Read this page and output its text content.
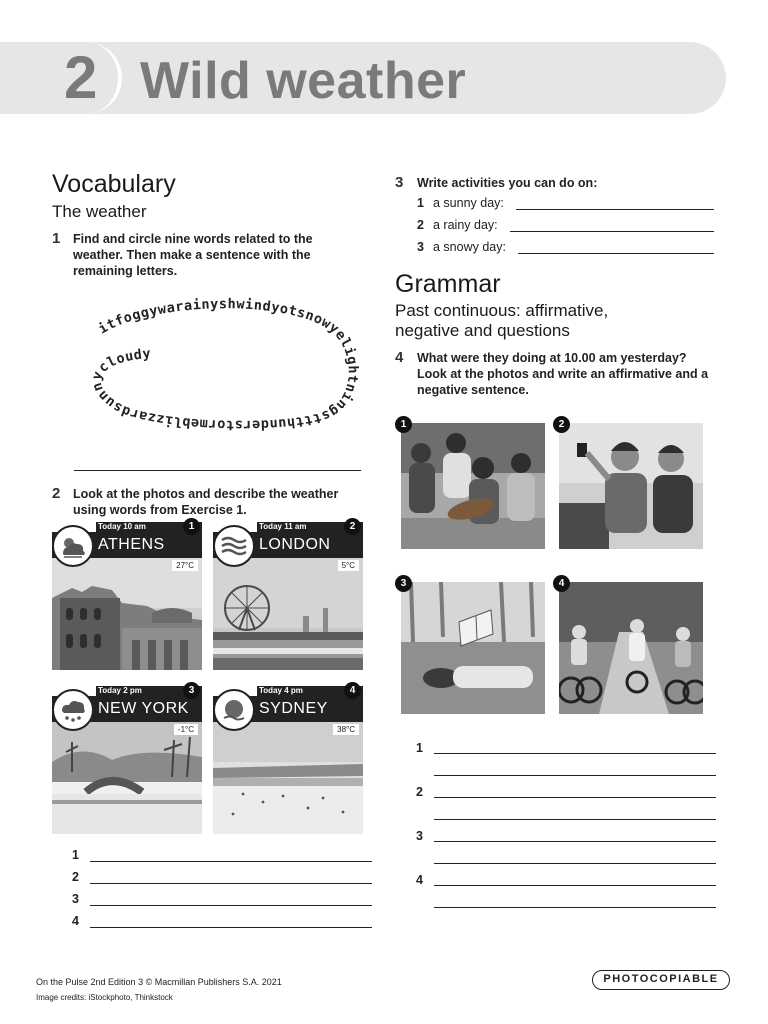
2 Wild weather
Vocabulary
The weather
1 Find and circle nine words related to the weather. Then make a sentence with the remaining letters.
itfoggywarainyshwindyotsnowyelightningsttthunderstormeblizzardsunnycloudy
2 Look at the photos and describe the weather using words from Exercise 1.
Today 10 am
ATHENS
1
27°C
Today 11 am
LONDON
2
5°C
Today 2 pm
NEW YORK
3
-1°C
Today 4 pm
SYDNEY
4
38°C
1
2
3
4
3 Write activities you can do on:
1 a sunny day:
2 a rainy day:
3 a snowy day:
Grammar
Past continuous: affirmative,
negative and questions
4 What were they doing at 10.00 am yesterday? Look at the photos and write an affirmative and a negative sentence.
1	2
3	4
1
2
3
4
On the Pulse 2nd Edition 3 © Macmillan Publishers S.A. 2021
Image credits: iStockphoto, Thinkstock
PHOTOCOPIABLE
